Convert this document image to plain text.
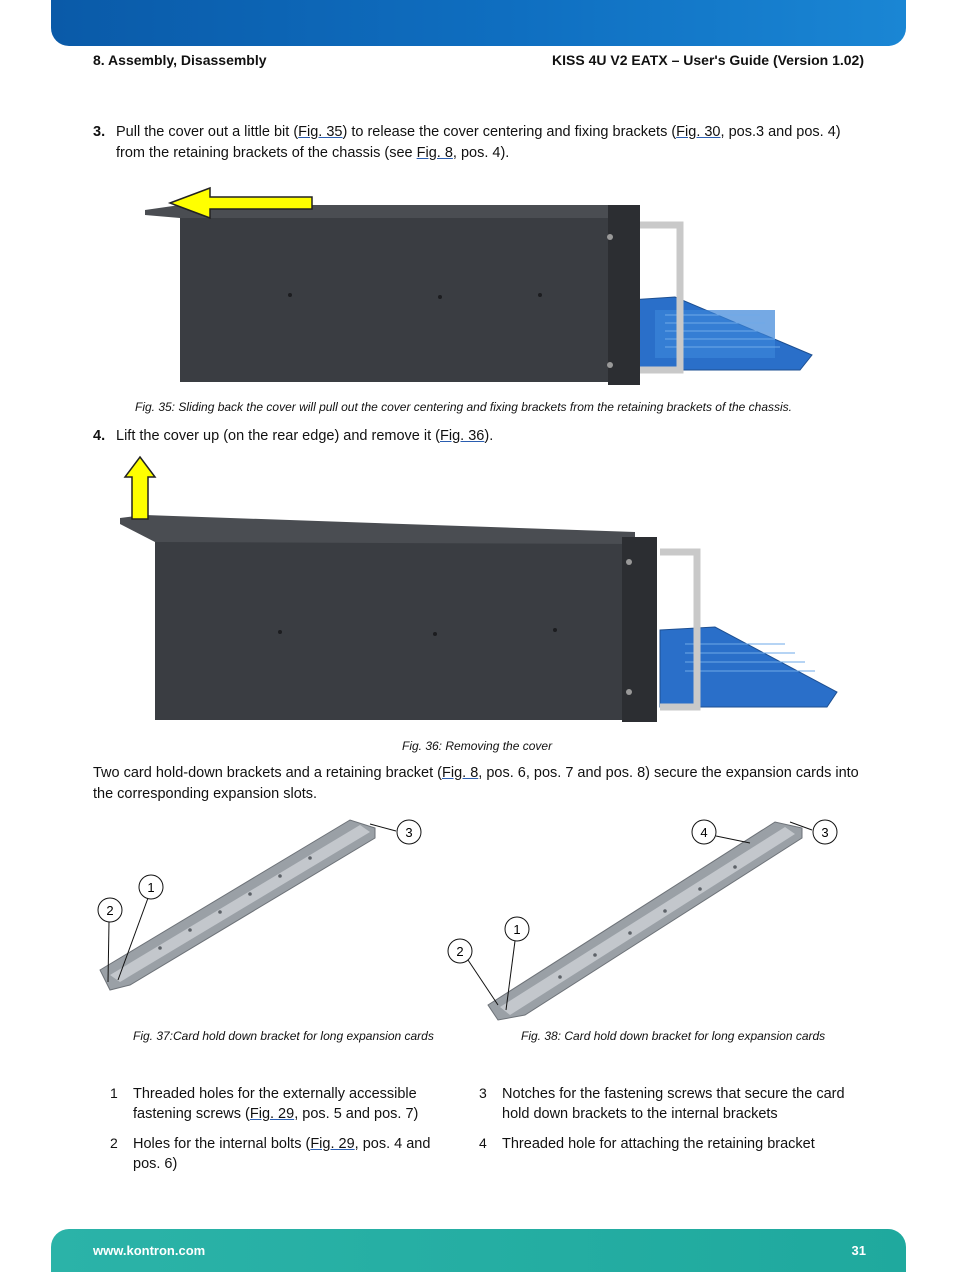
8. Assembly, Disassembly	KISS 4U V2 EATX – User's Guide (Version 1.02)
3. Pull the cover out a little bit (Fig. 35) to release the cover centering and fixing brackets (Fig. 30, pos.3 and pos. 4)
from the retaining brackets of the chassis (see Fig. 8, pos. 4).
Fig. 35: Sliding back the cover will pull out the cover centering and fixing brackets from the retaining brackets of the chassis.
4. Lift the cover up (on the rear edge) and remove it (Fig. 36).
Fig. 36: Removing the cover
Two card hold-down brackets and a retaining bracket (Fig. 8, pos. 6, pos. 7 and pos. 8) secure the expansion cards into
the corresponding expansion slots.
3
1
2
Fig. 37:Card hold down bracket for long expansion cards
4	3
1
2
Fig. 38: Card hold down bracket for long expansion cards
1 Threaded holes for the externally accessible
fastening screws (Fig. 29, pos. 5 and pos. 7)
2 Holes for the internal bolts (Fig. 29, pos. 4 and
pos. 6)
3 Notches for the fastening screws that secure the card
hold down brackets to the internal brackets
4 Threaded hole for attaching the retaining bracket
www.kontron.com	31
